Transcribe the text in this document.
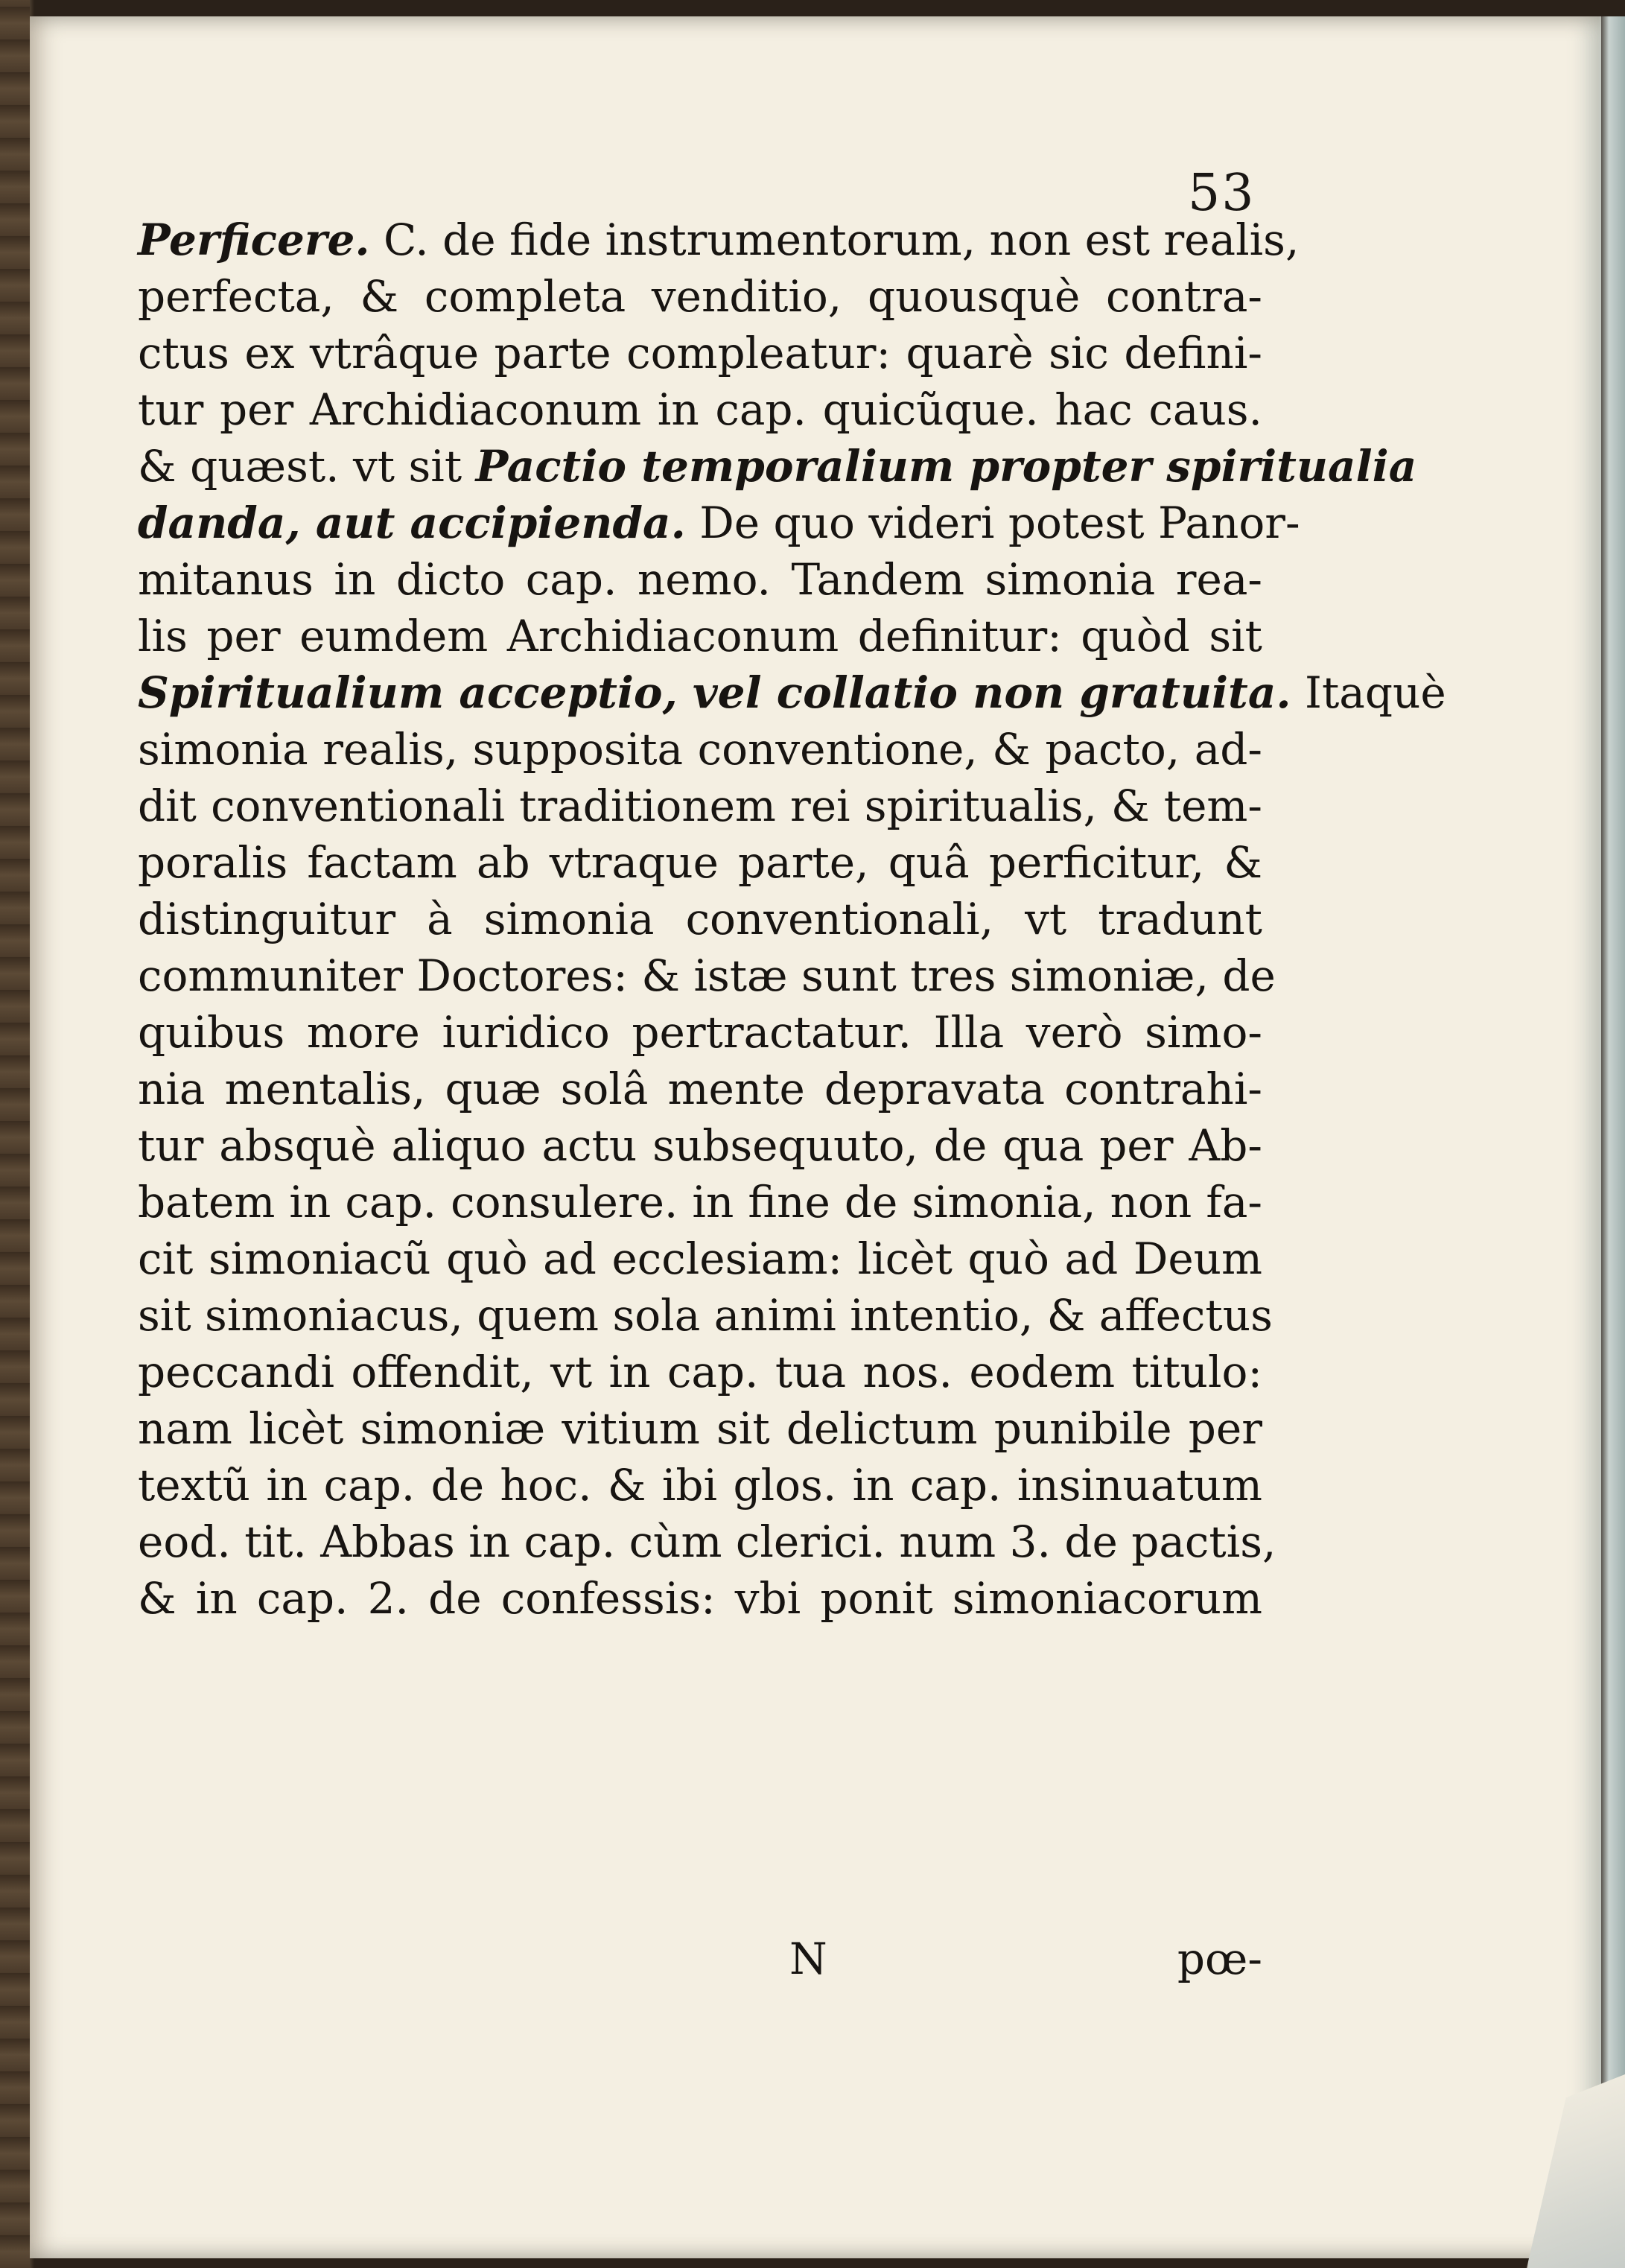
53
Perficere. C. de fide instrumentorum, non est realis,
perfecta, & completa venditio, quousquè contra-
ctus ex vtrâque parte compleatur: quarè sic defini-
tur per Archidiaconum in cap. quicũque. hac caus.
& quæst. vt sit Pactio temporalium propter spiritualia
danda, aut accipienda. De quo videri potest Panor-
mitanus in dicto cap. nemo. Tandem simonia rea-
lis per eumdem Archidiaconum definitur: quòd sit
Spiritualium acceptio, vel collatio non gratuita. Itaquè
simonia realis, supposita conventione, & pacto, ad-
dit conventionali traditionem rei spiritualis, & tem-
poralis factam ab vtraque parte, quâ perficitur, &
distinguitur à simonia conventionali, vt tradunt
communiter Doctores: & istæ sunt tres simoniæ, de
quibus more iuridico pertractatur. Illa verò simo-
nia mentalis, quæ solâ mente depravata contrahi-
tur absquè aliquo actu subsequuto, de qua per Ab-
batem in cap. consulere. in fine de simonia, non fa-
cit simoniacũ quò ad ecclesiam: licèt quò ad Deum
sit simoniacus, quem sola animi intentio, & affectus
peccandi offendit, vt in cap. tua nos. eodem titulo:
nam licèt simoniæ vitium sit delictum punibile per
textũ in cap. de hoc. & ibi glos. in cap. insinuatum
eod. tit. Abbas in cap. cùm clerici. num 3. de pactis,
& in cap. 2. de confessis: vbi ponit simoniacorum
N	pœ-
